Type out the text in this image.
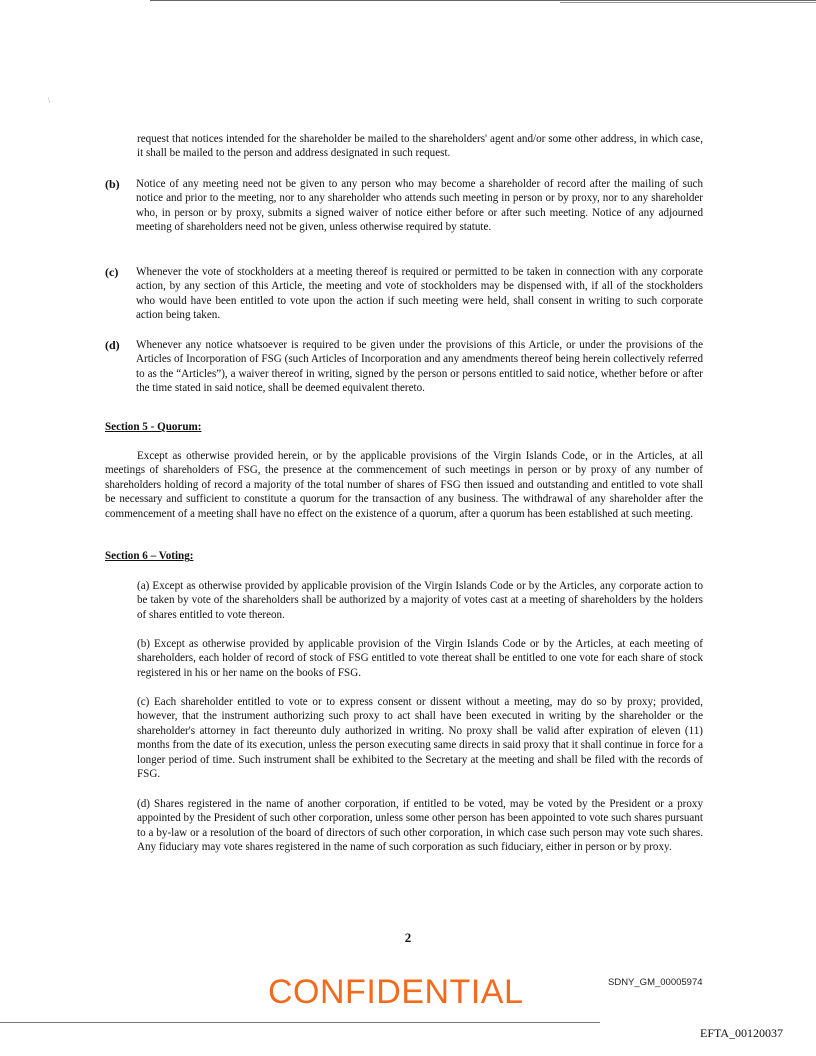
\

request that notices intended for the shareholder be mailed to the shareholders' agent and/or some other address, in which case, it shall be mailed to the person and address designated in such request.

(b)	Notice of any meeting need not be given to any person who may become a shareholder of record after the mailing of such notice and prior to the meeting, nor to any shareholder who attends such meeting in person or by proxy, nor to any shareholder who, in person or by proxy, submits a signed waiver of notice either before or after such meeting. Notice of any adjourned meeting of shareholders need not be given, unless otherwise required by statute.

(c)	Whenever the vote of stockholders at a meeting thereof is required or permitted to be taken in connection with any corporate action, by any section of this Article, the meeting and vote of stockholders may be dispensed with, if all of the stockholders who would have been entitled to vote upon the action if such meeting were held, shall consent in writing to such corporate action being taken.

(d)	Whenever any notice whatsoever is required to be given under the provisions of this Article, or under the provisions of the Articles of Incorporation of FSG (such Articles of Incorporation and any amendments thereof being herein collectively referred to as the “Articles”), a waiver thereof in writing, signed by the person or persons entitled to said notice, whether before or after the time stated in said notice, shall be deemed equivalent thereto.

Section 5 - Quorum:

Except as otherwise provided herein, or by the applicable provisions of the Virgin Islands Code, or in the Articles, at all meetings of shareholders of FSG, the presence at the commencement of such meetings in person or by proxy of any number of shareholders holding of record a majority of the total number of shares of FSG then issued and outstanding and entitled to vote shall be necessary and sufficient to constitute a quorum for the transaction of any business. The withdrawal of any shareholder after the commencement of a meeting shall have no effect on the existence of a quorum, after a quorum has been established at such meeting.

Section 6 – Voting:

(a) Except as otherwise provided by applicable provision of the Virgin Islands Code or by the Articles, any corporate action to be taken by vote of the shareholders shall be authorized by a majority of votes cast at a meeting of shareholders by the holders of shares entitled to vote thereon.

(b) Except as otherwise provided by applicable provision of the Virgin Islands Code or by the Articles, at each meeting of shareholders, each holder of record of stock of FSG entitled to vote thereat shall be entitled to one vote for each share of stock registered in his or her name on the books of FSG.

(c) Each shareholder entitled to vote or to express consent or dissent without a meeting, may do so by proxy; provided, however, that the instrument authorizing such proxy to act shall have been executed in writing by the shareholder or the shareholder's attorney in fact thereunto duly authorized in writing. No proxy shall be valid after expiration of eleven (11) months from the date of its execution, unless the person executing same directs in said proxy that it shall continue in force for a longer period of time. Such instrument shall be exhibited to the Secretary at the meeting and shall be filed with the records of FSG.

(d) Shares registered in the name of another corporation, if entitled to be voted, may be voted by the President or a proxy appointed by the President of such other corporation, unless some other person has been appointed to vote such shares pursuant to a by-law or a resolution of the board of directors of such other corporation, in which case such person may vote such shares. Any fiduciary may vote shares registered in the name of such corporation as such fiduciary, either in person or by proxy.

2
CONFIDENTIAL	SDNY_GM_00005974
EFTA_00120037
